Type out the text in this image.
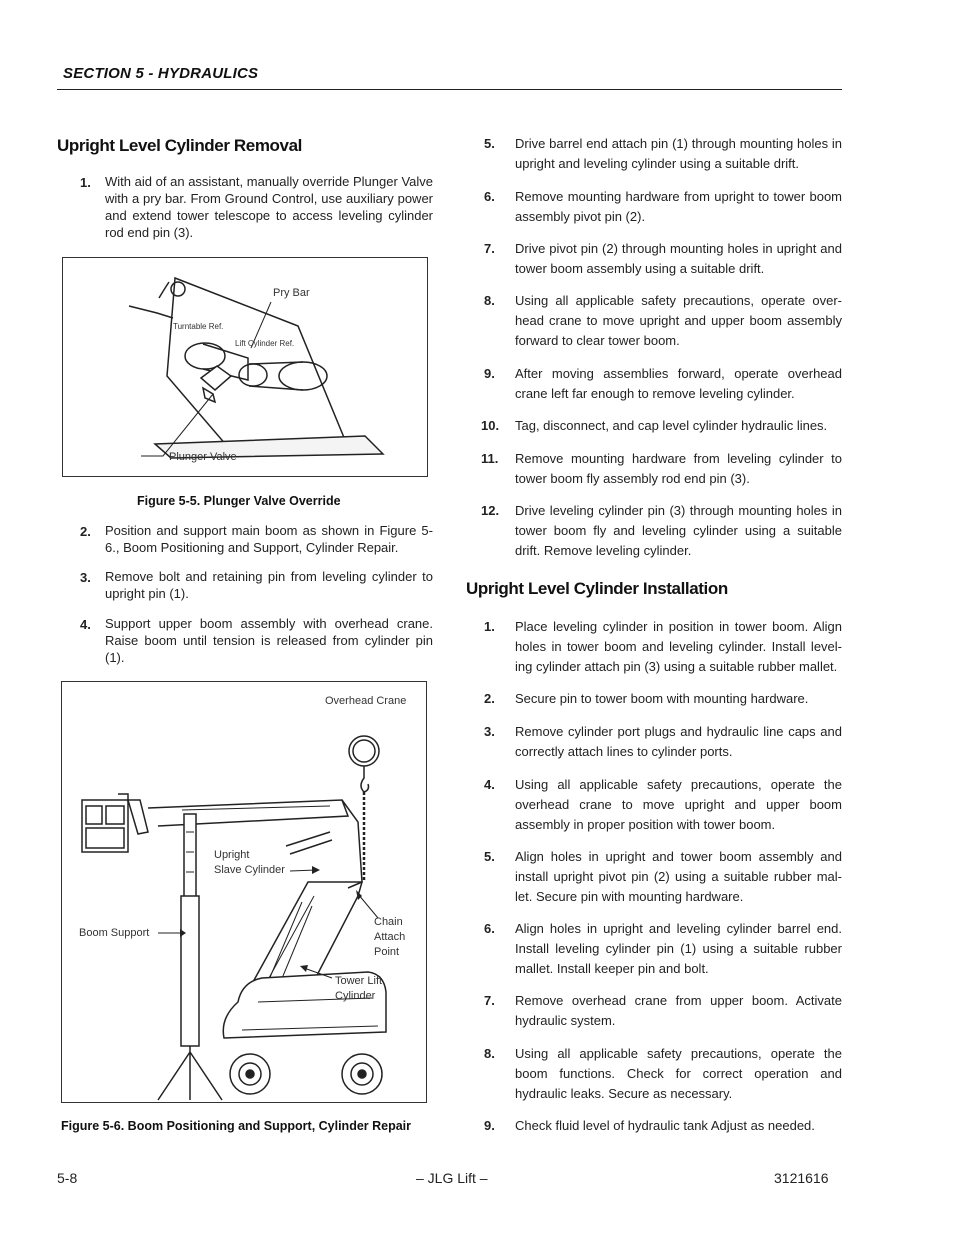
SECTION 5 - HYDRAULICS
Upright Level Cylinder Removal
1. With aid of an assistant, manually override Plunger Valve with a pry bar. From Ground Control, use auxiliary power and extend tower telescope to access leveling cylinder rod end pin (3).
Pry Bar
Turntable Ref.
Lift Cylinder Ref.
Plunger Valve
Figure 5-5. Plunger Valve Override
2. Position and support main boom as shown in Figure 5-6., Boom Positioning and Support, Cylinder Repair.
3. Remove bolt and retaining pin from leveling cylinder to upright pin (1).
4. Support upper boom assembly with overhead crane. Raise boom until tension is released from cylinder pin (1).
Overhead Crane
Upright
Slave Cylinder
Boom Support
Chain
Attach
Point
Tower Lift
Cylinder
Figure 5-6. Boom Positioning and Support, Cylinder Repair
5. Drive barrel end attach pin (1) through mounting holes in upright and leveling cylinder using a suitable drift.
6. Remove mounting hardware from upright to tower boom assembly pivot pin (2).
7. Drive pivot pin (2) through mounting holes in upright and tower boom assembly using a suitable drift.
8. Using all applicable safety precautions, operate over-head crane to move upright and upper boom assembly forward to clear tower boom.
9. After moving assemblies forward, operate overhead crane left far enough to remove leveling cylinder.
10. Tag, disconnect, and cap level cylinder hydraulic lines.
11. Remove mounting hardware from leveling cylinder to tower boom fly assembly rod end pin (3).
12. Drive leveling cylinder pin (3) through mounting holes in tower boom fly and leveling cylinder using a suitable drift. Remove leveling cylinder.
Upright Level Cylinder Installation
1. Place leveling cylinder in position in tower boom. Align holes in tower boom and leveling cylinder. Install level-ing cylinder attach pin (3) using a suitable rubber mallet.
2. Secure pin to tower boom with mounting hardware.
3. Remove cylinder port plugs and hydraulic line caps and correctly attach lines to cylinder ports.
4. Using all applicable safety precautions, operate the overhead crane to move upright and upper boom assembly in proper position with tower boom.
5. Align holes in upright and tower boom assembly and install upright pivot pin (2) using a suitable rubber mal-let. Secure pin with mounting hardware.
6. Align holes in upright and leveling cylinder barrel end. Install leveling cylinder pin (1) using a suitable rubber mallet. Install keeper pin and bolt.
7. Remove overhead crane from upper boom. Activate hydraulic system.
8. Using all applicable safety precautions, operate the boom functions. Check for correct operation and hydraulic leaks. Secure as necessary.
9. Check fluid level of hydraulic tank Adjust as needed.
5-8	– JLG Lift –	3121616
